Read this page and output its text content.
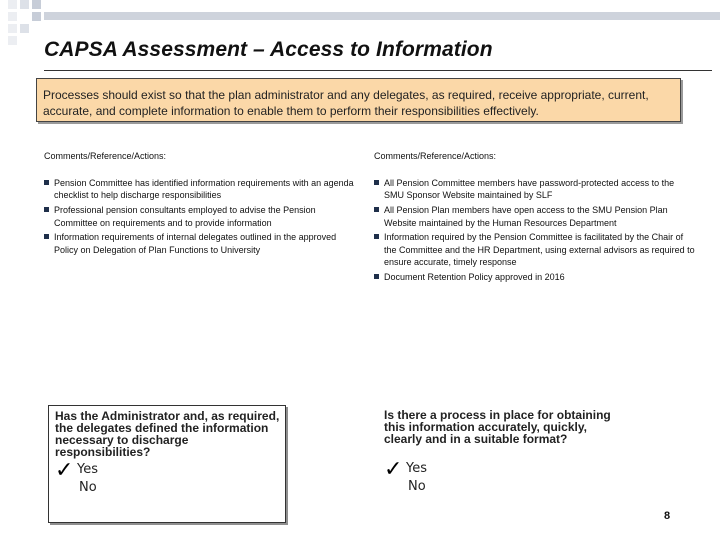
CAPSA Assessment – Access to Information
Processes should exist so that the plan administrator and any delegates, as required, receive appropriate, current, accurate, and complete information to enable them to perform their responsibilities effectively.
Comments/Reference/Actions:	Comments/Reference/Actions:
Pension Committee has identified information requirements with an agenda checklist to help discharge responsibilities
Professional pension consultants employed to advise the Pension Committee on requirements and to provide information
Information requirements of internal delegates outlined in the approved Policy on Delegation of Plan Functions to University
All Pension Committee members have password-protected access to the SMU Sponsor Website maintained by SLF
All Pension Plan members have open access to the SMU Pension Plan Website maintained by the Human Resources Department
Information required by the Pension Committee is facilitated by the Chair of the Committee and the HR Department, using external advisors as required to ensure accurate, timely response
Document Retention Policy approved in 2016
Has the Administrator and, as required, the delegates defined the information necessary to discharge responsibilities?
✓ Yes
No
Is there a process in place for obtaining this information accurately, quickly, clearly and in a suitable format?
✓ Yes
No
8
